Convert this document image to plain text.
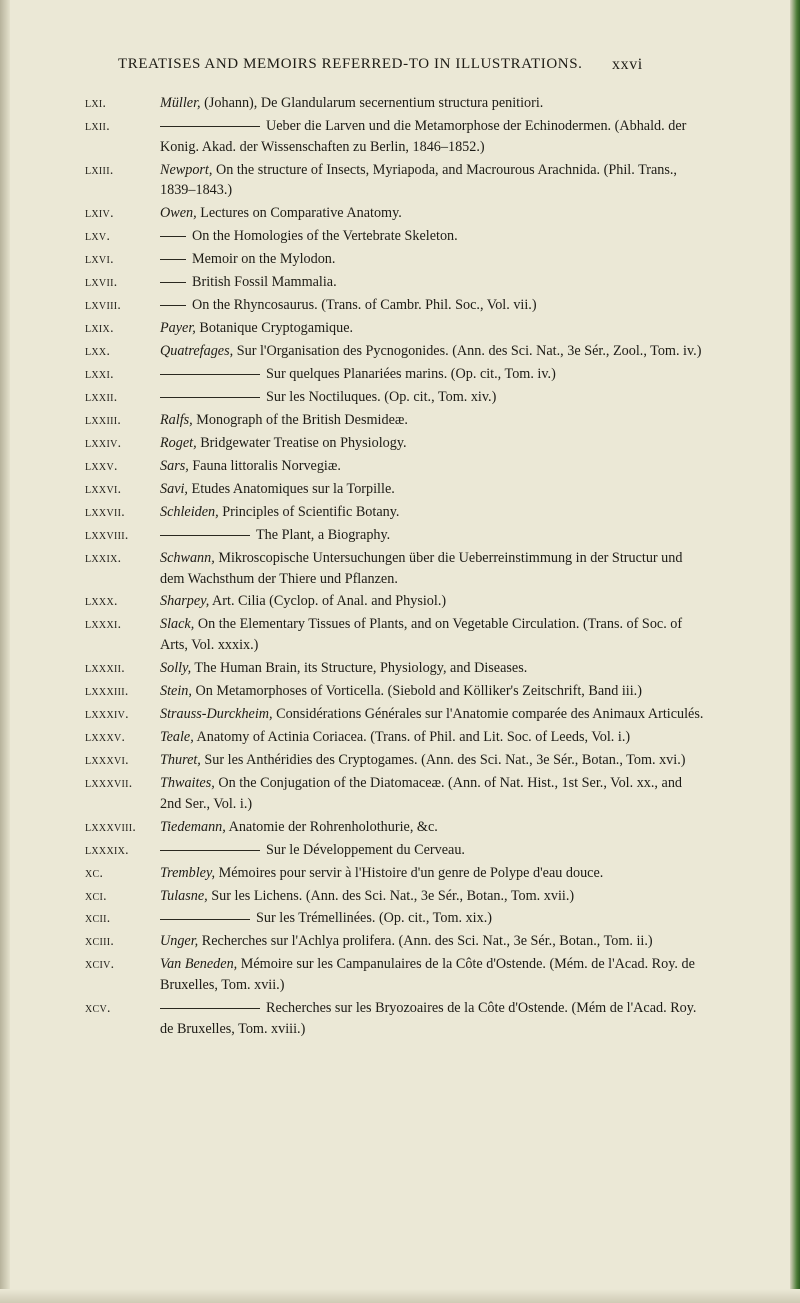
TREATISES AND MEMOIRS REFERRED-TO IN ILLUSTRATIONS. xxvi
lxi.	Müller, (Johann), De Glandularum secernentium structura penitiori.
lxii.	Ueber die Larven und die Metamorphose der Echinodermen. (Abhald. der Konig. Akad. der Wissenschaften zu Berlin, 1846–1852.)
lxiii.	Newport, On the structure of Insects, Myriapoda, and Macrourous Arachnida. (Phil. Trans., 1839–1843.)
lxiv.	Owen, Lectures on Comparative Anatomy.
lxv.	On the Homologies of the Vertebrate Skeleton.
lxvi.	Memoir on the Mylodon.
lxvii.	British Fossil Mammalia.
lxviii.	On the Rhyncosaurus. (Trans. of Cambr. Phil. Soc., Vol. vii.)
lxix.	Payer, Botanique Cryptogamique.
lxx.	Quatrefages, Sur l'Organisation des Pycnogonides. (Ann. des Sci. Nat., 3e Sér., Zool., Tom. iv.)
lxxi.	Sur quelques Planariées marins. (Op. cit., Tom. iv.)
lxxii.	Sur les Noctiluques. (Op. cit., Tom. xiv.)
lxxiii.	Ralfs, Monograph of the British Desmideæ.
lxxiv.	Roget, Bridgewater Treatise on Physiology.
lxxv.	Sars, Fauna littoralis Norvegiæ.
lxxvi.	Savi, Etudes Anatomiques sur la Torpille.
lxxvii.	Schleiden, Principles of Scientific Botany.
lxxviii.	The Plant, a Biography.
lxxix.	Schwann, Mikroscopische Untersuchungen über die Ueberreinstimmung in der Structur und dem Wachsthum der Thiere und Pflanzen.
lxxx.	Sharpey, Art. Cilia (Cyclop. of Anal. and Physiol.)
lxxxi.	Slack, On the Elementary Tissues of Plants, and on Vegetable Circulation. (Trans. of Soc. of Arts, Vol. xxxix.)
lxxxii.	Solly, The Human Brain, its Structure, Physiology, and Diseases.
lxxxiii.	Stein, On Metamorphoses of Vorticella. (Siebold and Kölliker's Zeitschrift, Band iii.)
lxxxiv.	Strauss-Durckheim, Considérations Générales sur l'Anatomie comparée des Animaux Articulés.
lxxxv.	Teale, Anatomy of Actinia Coriacea. (Trans. of Phil. and Lit. Soc. of Leeds, Vol. i.)
lxxxvi.	Thuret, Sur les Anthéridies des Cryptogames. (Ann. des Sci. Nat., 3e Sér., Botan., Tom. xvi.)
lxxxvii.	Thwaites, On the Conjugation of the Diatomaceæ. (Ann. of Nat. Hist., 1st Ser., Vol. xx., and 2nd Ser., Vol. i.)
lxxxviii.	Tiedemann, Anatomie der Rohrenholothurie, &c.
lxxxix.	Sur le Développement du Cerveau.
xc.	Trembley, Mémoires pour servir à l'Histoire d'un genre de Polype d'eau douce.
xci.	Tulasne, Sur les Lichens. (Ann. des Sci. Nat., 3e Sér., Botan., Tom. xvii.)
xcii.	Sur les Trémellinées. (Op. cit., Tom. xix.)
xciii.	Unger, Recherches sur l'Achlya prolifera. (Ann. des Sci. Nat., 3e Sér., Botan., Tom. ii.)
xciv.	Van Beneden, Mémoire sur les Campanulaires de la Côte d'Ostende. (Mém. de l'Acad. Roy. de Bruxelles, Tom. xvii.)
xcv.	Recherches sur les Bryozoaires de la Côte d'Ostende. (Mém de l'Acad. Roy. de Bruxelles, Tom. xviii.)
